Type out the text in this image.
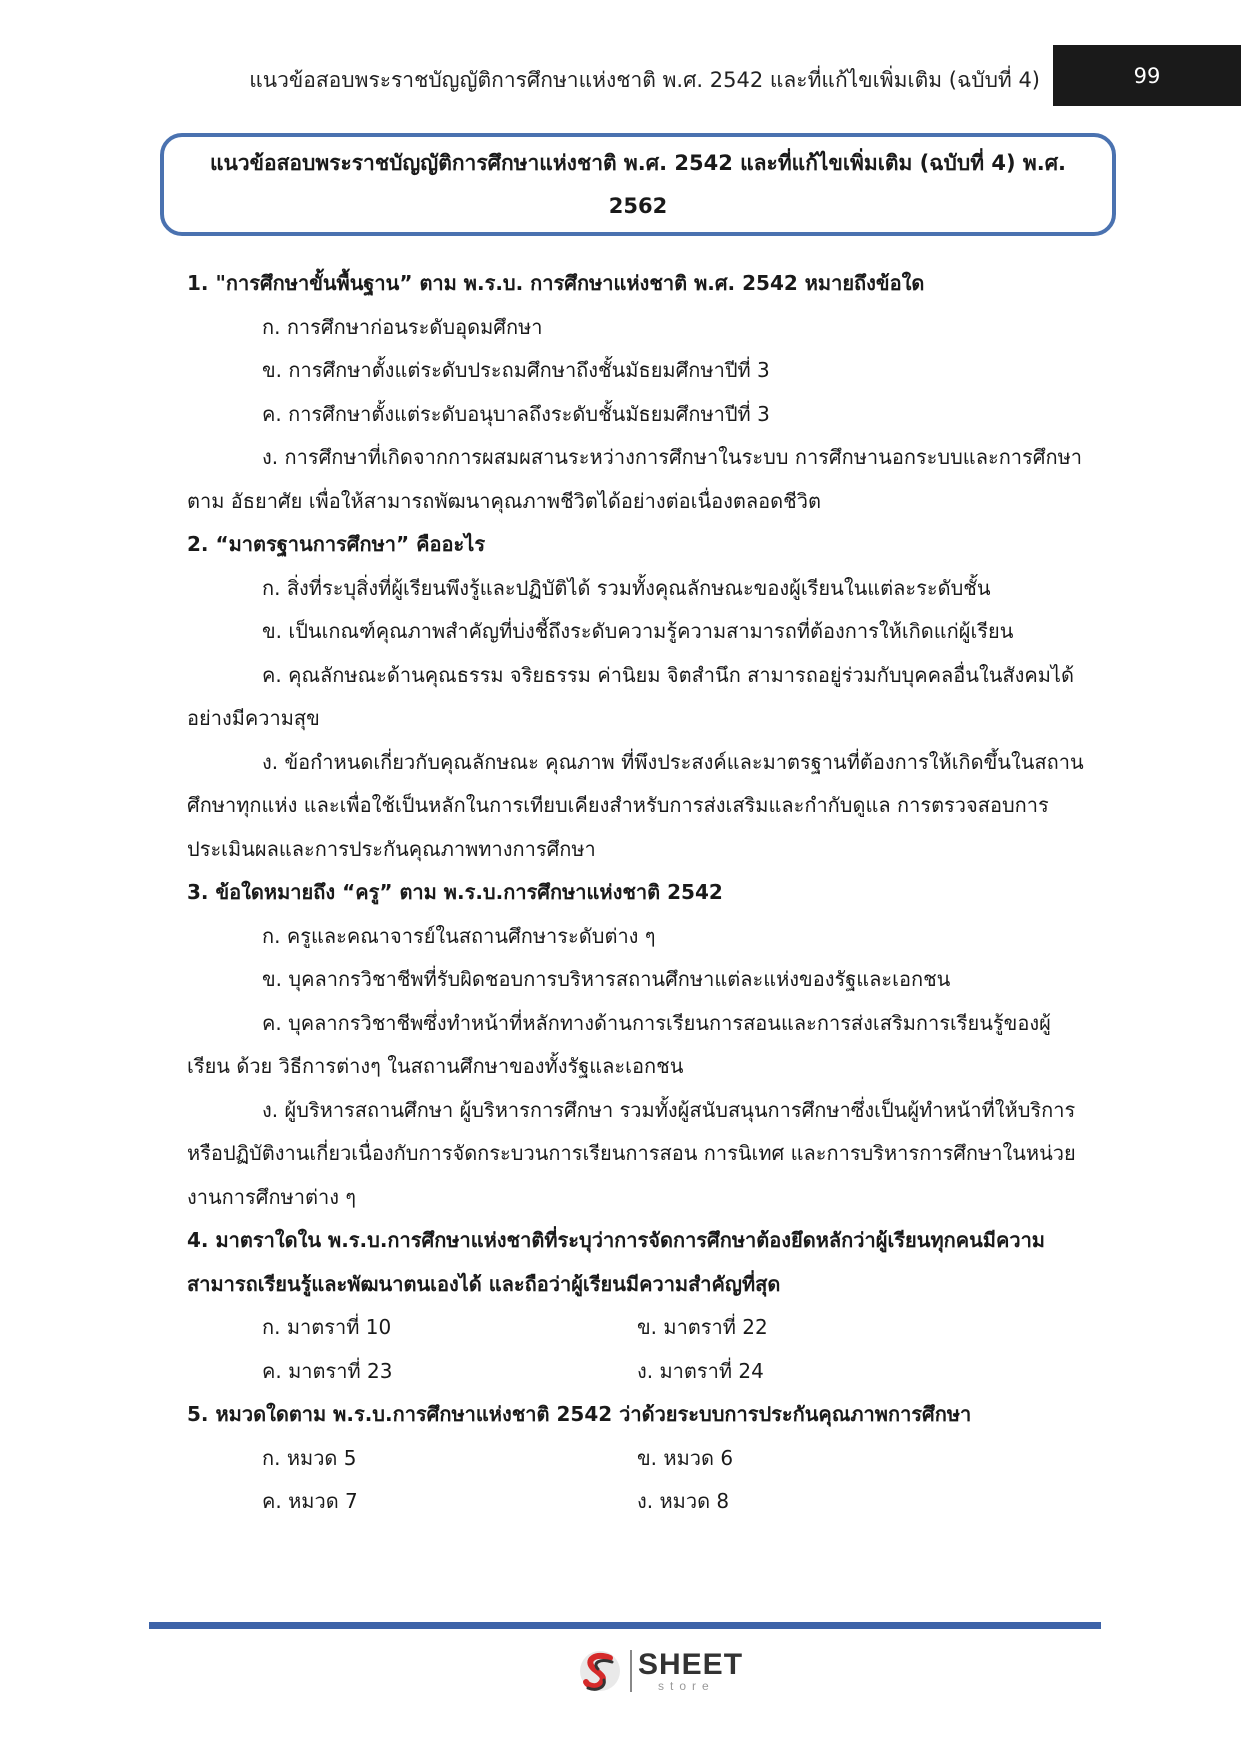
แนวข้อสอบพระราชบัญญัติการศึกษาแห่งชาติ พ.ศ. 2542 และที่แก้ไขเพิ่มเติม (ฉบับที่ 4)	99
แนวข้อสอบพระราชบัญญัติการศึกษาแห่งชาติ พ.ศ. 2542 และที่แก้ไขเพิ่มเติม (ฉบับที่ 4) พ.ศ.
2562
1. "การศึกษาขั้นพื้นฐาน” ตาม พ.ร.บ. การศึกษาแห่งชาติ พ.ศ. 2542 หมายถึงข้อใด
ก. การศึกษาก่อนระดับอุดมศึกษา
ข. การศึกษาตั้งแต่ระดับประถมศึกษาถึงชั้นมัธยมศึกษาปีที่ 3
ค. การศึกษาตั้งแต่ระดับอนุบาลถึงระดับชั้นมัธยมศึกษาปีที่ 3
ง. การศึกษาที่เกิดจากการผสมผสานระหว่างการศึกษาในระบบ การศึกษานอกระบบและการศึกษาตาม อัธยาศัย เพื่อให้สามารถพัฒนาคุณภาพชีวิตได้อย่างต่อเนื่องตลอดชีวิต
2. “มาตรฐานการศึกษา” คืออะไร
ก. สิ่งที่ระบุสิ่งที่ผู้เรียนพึงรู้และปฏิบัติได้ รวมทั้งคุณลักษณะของผู้เรียนในแต่ละระดับชั้น
ข. เป็นเกณฑ์คุณภาพสำคัญที่บ่งชี้ถึงระดับความรู้ความสามารถที่ต้องการให้เกิดแก่ผู้เรียน
ค. คุณลักษณะด้านคุณธรรม จริยธรรม ค่านิยม จิตสำนึก สามารถอยู่ร่วมกับบุคคลอื่นในสังคมได้อย่างมีความสุข
ง. ข้อกำหนดเกี่ยวกับคุณลักษณะ คุณภาพ ที่พึงประสงค์และมาตรฐานที่ต้องการให้เกิดขึ้นในสถานศึกษาทุกแห่ง และเพื่อใช้เป็นหลักในการเทียบเคียงสำหรับการส่งเสริมและกำกับดูแล การตรวจสอบการประเมินผลและการประกันคุณภาพทางการศึกษา
3. ข้อใดหมายถึง “ครู” ตาม พ.ร.บ.การศึกษาแห่งชาติ 2542
ก. ครูและคณาจารย์ในสถานศึกษาระดับต่าง ๆ
ข. บุคลากรวิชาชีพที่รับผิดชอบการบริหารสถานศึกษาแต่ละแห่งของรัฐและเอกชน
ค. บุคลากรวิชาชีพซึ่งทำหน้าที่หลักทางด้านการเรียนการสอนและการส่งเสริมการเรียนรู้ของผู้เรียน ด้วย วิธีการต่างๆ ในสถานศึกษาของทั้งรัฐและเอกชน
ง. ผู้บริหารสถานศึกษา ผู้บริหารการศึกษา รวมทั้งผู้สนับสนุนการศึกษาซึ่งเป็นผู้ทำหน้าที่ให้บริการ หรือปฏิบัติงานเกี่ยวเนื่องกับการจัดกระบวนการเรียนการสอน การนิเทศ และการบริหารการศึกษาในหน่วยงานการศึกษาต่าง ๆ
4. มาตราใดใน พ.ร.บ.การศึกษาแห่งชาติที่ระบุว่าการจัดการศึกษาต้องยึดหลักว่าผู้เรียนทุกคนมีความสามารถเรียนรู้และพัฒนาตนเองได้ และถือว่าผู้เรียนมีความสำคัญที่สุด
ก. มาตราที่ 10	ข. มาตราที่ 22
ค. มาตราที่ 23	ง. มาตราที่ 24
5. หมวดใดตาม พ.ร.บ.การศึกษาแห่งชาติ 2542 ว่าด้วยระบบการประกันคุณภาพการศึกษา
ก. หมวด 5	ข. หมวด 6
ค. หมวด 7	ง. หมวด 8
SHEET
store
